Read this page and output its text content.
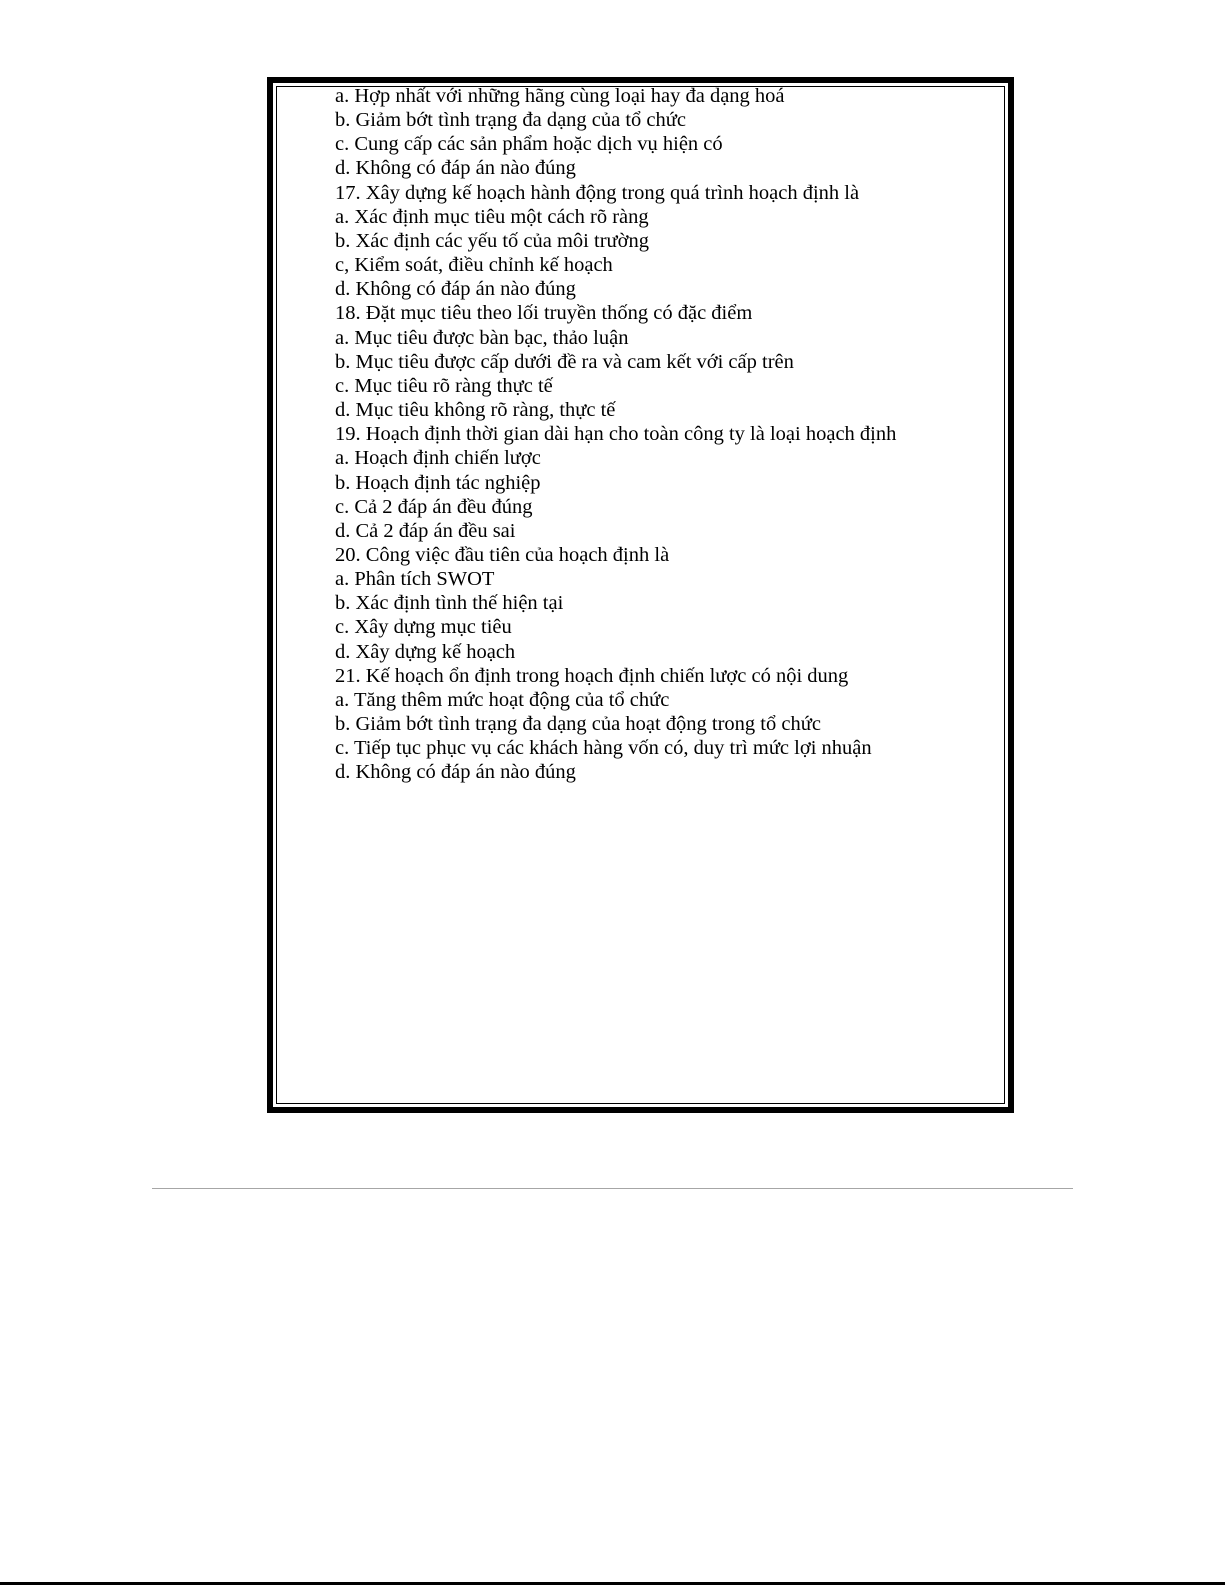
a. Hợp nhất với những hãng cùng loại hay đa dạng hoá
b. Giảm bớt tình trạng đa dạng của tổ chức
c. Cung cấp các sản phẩm hoặc dịch vụ hiện có
d. Không có đáp án nào đúng
17. Xây dựng kế hoạch hành động trong quá trình hoạch định là
a. Xác định mục tiêu một cách rõ ràng
b. Xác định các yếu tố của môi trường
c, Kiểm soát, điều chỉnh kế hoạch
d. Không có đáp án nào đúng
18. Đặt mục tiêu theo lối truyền thống có đặc điểm
a. Mục tiêu được bàn bạc, thảo luận
b. Mục tiêu được cấp dưới đề ra và cam kết với cấp trên
c. Mục tiêu rõ ràng thực tế
d. Mục tiêu không rõ ràng, thực tế
19. Hoạch định thời gian dài hạn cho toàn công ty là loại hoạch định
a. Hoạch định chiến lược
b. Hoạch định tác nghiệp
c. Cả 2 đáp án đều đúng
d. Cả 2 đáp án đều sai
20. Công việc đầu tiên của hoạch định là
a. Phân tích SWOT
b. Xác định tình thế hiện tại
c. Xây dựng mục tiêu
d. Xây dựng kế hoạch
21. Kế hoạch ổn định trong hoạch định chiến lược có nội dung
a. Tăng thêm mức hoạt động của tổ chức
b. Giảm bớt tình trạng đa dạng của hoạt động trong tổ chức
c. Tiếp tục phục vụ các khách hàng vốn có, duy trì mức lợi nhuận
d. Không có đáp án nào đúng
